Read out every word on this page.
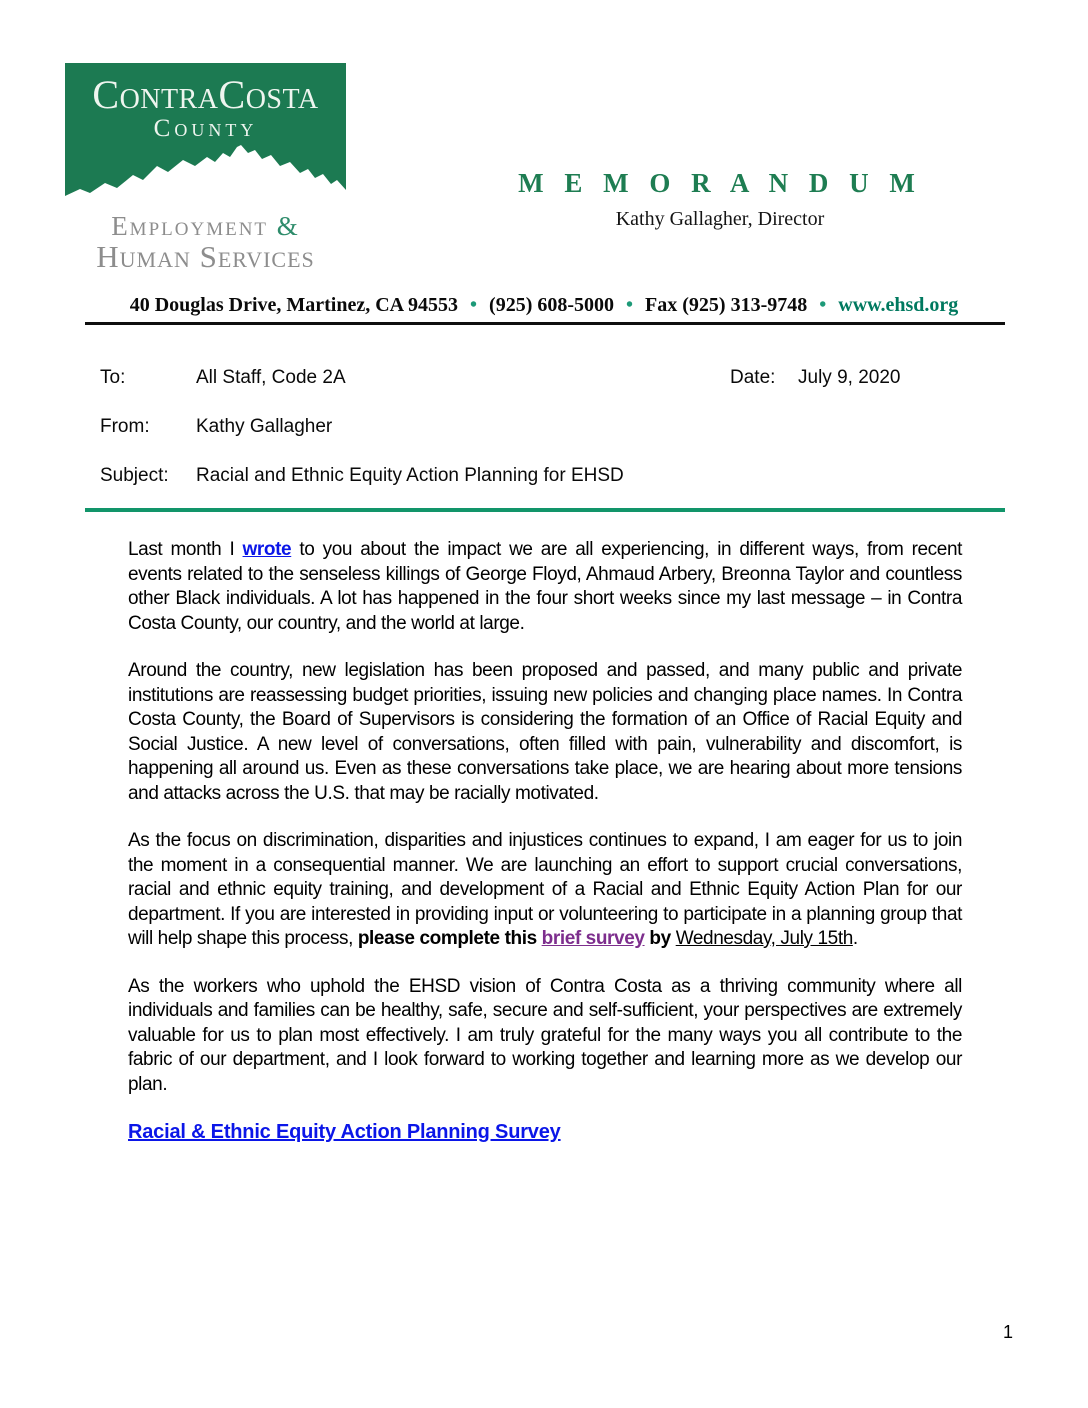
ContraCosta
County
Employment &
Human Services
M E M O R A N D U M
Kathy Gallagher, Director
40 Douglas Drive, Martinez, CA 94553 • (925) 608-5000 • Fax (925) 313-9748 • www.ehsd.org
To:	All Staff, Code 2A	Date: July 9, 2020
From: Kathy Gallagher
Subject: Racial and Ethnic Equity Action Planning for EHSD

Last month I wrote to you about the impact we are all experiencing, in different ways, from recent events related to the senseless killings of George Floyd, Ahmaud Arbery, Breonna Taylor and countless other Black individuals. A lot has happened in the four short weeks since my last message – in Contra Costa County, our country, and the world at large.

Around the country, new legislation has been proposed and passed, and many public and private institutions are reassessing budget priorities, issuing new policies and changing place names. In Contra Costa County, the Board of Supervisors is considering the formation of an Office of Racial Equity and Social Justice. A new level of conversations, often filled with pain, vulnerability and discomfort, is happening all around us. Even as these conversations take place, we are hearing about more tensions and attacks across the U.S. that may be racially motivated.

As the focus on discrimination, disparities and injustices continues to expand, I am eager for us to join the moment in a consequential manner. We are launching an effort to support crucial conversations, racial and ethnic equity training, and development of a Racial and Ethnic Equity Action Plan for our department. If you are interested in providing input or volunteering to participate in a planning group that will help shape this process, please complete this brief survey by Wednesday, July 15th.

As the workers who uphold the EHSD vision of Contra Costa as a thriving community where all individuals and families can be healthy, safe, secure and self-sufficient, your perspectives are extremely valuable for us to plan most effectively. I am truly grateful for the many ways you all contribute to the fabric of our department, and I look forward to working together and learning more as we develop our plan.

Racial & Ethnic Equity Action Planning Survey

1
